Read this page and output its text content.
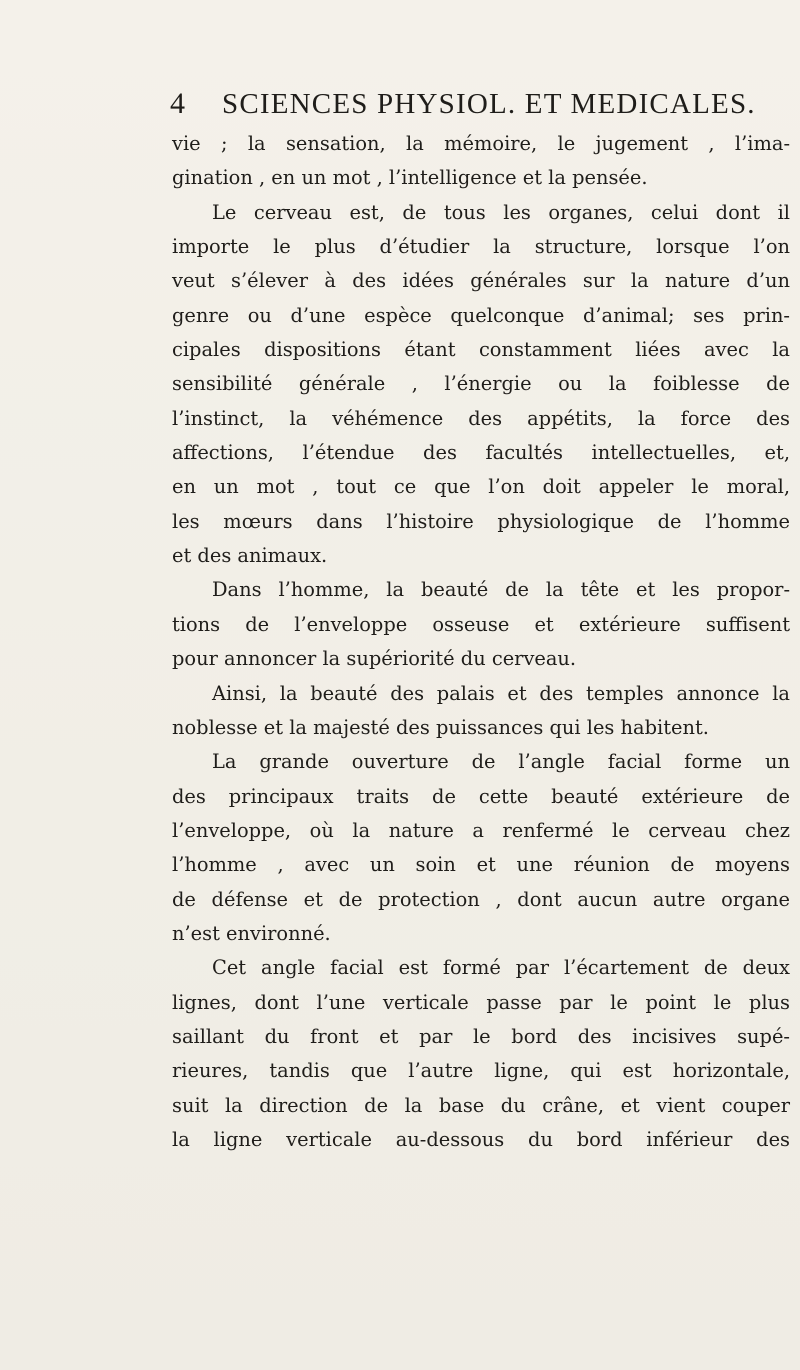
4 SCIENCES PHYSIOL. ET MEDICALES.
vie ; la sensation, la mémoire, le jugement , l’ima-
gination , en un mot , l’intelligence et la pensée.
Le cerveau est, de tous les organes, celui dont il
importe le plus d’étudier la structure, lorsque l’on
veut s’élever à des idées générales sur la nature d’un
genre ou d’une espèce quelconque d’animal; ses prin-
cipales dispositions étant constamment liées avec la
sensibilité générale , l’énergie ou la foiblesse de
l’instinct, la véhémence des appétits, la force des
affections, l’étendue des facultés intellectuelles, et,
en un mot , tout ce que l’on doit appeler le moral,
les mœurs dans l’histoire physiologique de l’homme
et des animaux.
Dans l’homme, la beauté de la tête et les propor-
tions de l’enveloppe osseuse et extérieure suffisent
pour annoncer la supériorité du cerveau.
Ainsi, la beauté des palais et des temples annonce la
noblesse et la majesté des puissances qui les habitent.
La grande ouverture de l’angle facial forme un
des principaux traits de cette beauté extérieure de
l’enveloppe, où la nature a renfermé le cerveau chez
l’homme , avec un soin et une réunion de moyens
de défense et de protection , dont aucun autre organe
n’est environné.
Cet angle facial est formé par l’écartement de deux
lignes, dont l’une verticale passe par le point le plus
saillant du front et par le bord des incisives supé-
rieures, tandis que l’autre ligne, qui est horizontale,
suit la direction de la base du crâne, et vient couper
la ligne verticale au-dessous du bord inférieur des
